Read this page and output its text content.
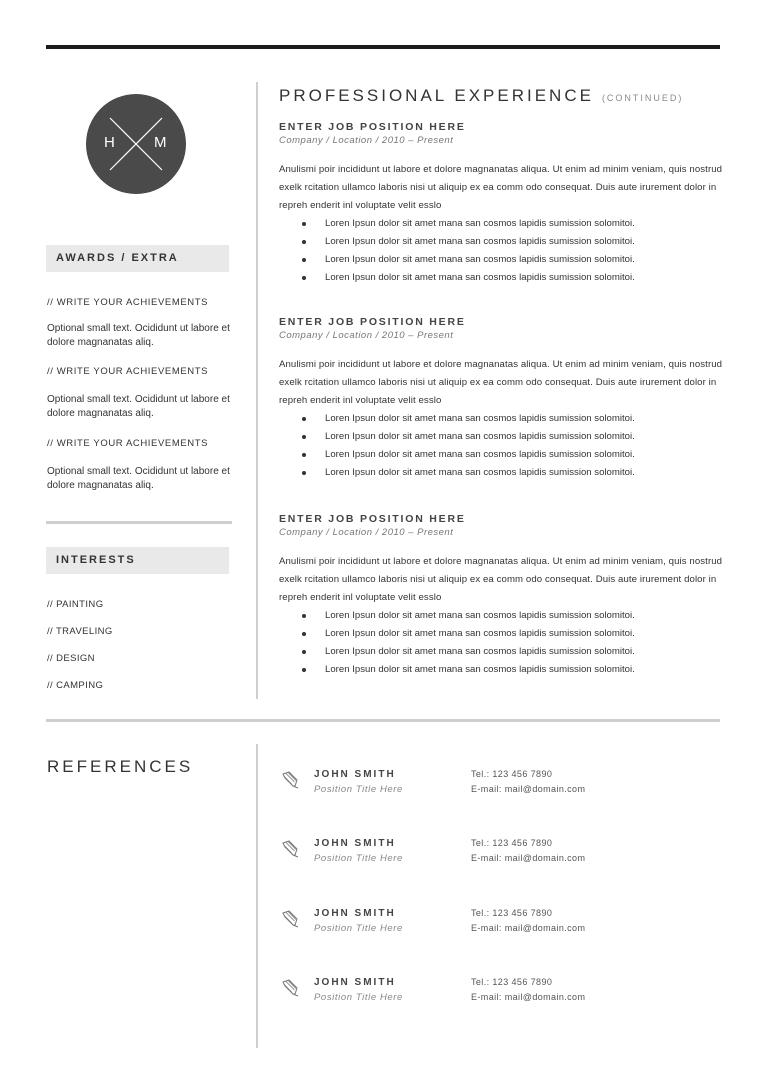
H	M
AWARDS / EXTRA
// WRITE YOUR ACHIEVEMENTS
Optional small text. Ocididunt ut labore et dolore magnanatas aliq.
// WRITE YOUR ACHIEVEMENTS
Optional small text. Ocididunt ut labore et dolore magnanatas aliq.
// WRITE YOUR ACHIEVEMENTS
Optional small text. Ocididunt ut labore et dolore magnanatas aliq.
INTERESTS
// PAINTING
// TRAVELING
// DESIGN
// CAMPING
PROFESSIONAL EXPERIENCE (CONTINUED)
ENTER JOB POSITION HERE
Company / Location / 2010 – Present
Anulismi poir incididunt ut labore et dolore magnanatas aliqua. Ut enim ad minim veniam, quis nostrud exelk rcitation ullamco laboris nisi ut aliquip ex ea comm odo consequat. Duis aute irurement dolor in repreh enderit inl voluptate velit esslo
Loren Ipsun dolor sit amet mana san cosmos lapidis sumission solomitoi.
Loren Ipsun dolor sit amet mana san cosmos lapidis sumission solomitoi.
Loren Ipsun dolor sit amet mana san cosmos lapidis sumission solomitoi.
Loren Ipsun dolor sit amet mana san cosmos lapidis sumission solomitoi.
ENTER JOB POSITION HERE
Company / Location / 2010 – Present
Anulismi poir incididunt ut labore et dolore magnanatas aliqua. Ut enim ad minim veniam, quis nostrud exelk rcitation ullamco laboris nisi ut aliquip ex ea comm odo consequat. Duis aute irurement dolor in repreh enderit inl voluptate velit esslo
Loren Ipsun dolor sit amet mana san cosmos lapidis sumission solomitoi.
Loren Ipsun dolor sit amet mana san cosmos lapidis sumission solomitoi.
Loren Ipsun dolor sit amet mana san cosmos lapidis sumission solomitoi.
Loren Ipsun dolor sit amet mana san cosmos lapidis sumission solomitoi.
ENTER JOB POSITION HERE
Company / Location / 2010 – Present
Anulismi poir incididunt ut labore et dolore magnanatas aliqua. Ut enim ad minim veniam, quis nostrud exelk rcitation ullamco laboris nisi ut aliquip ex ea comm odo consequat. Duis aute irurement dolor in repreh enderit inl voluptate velit esslo
Loren Ipsun dolor sit amet mana san cosmos lapidis sumission solomitoi.
Loren Ipsun dolor sit amet mana san cosmos lapidis sumission solomitoi.
Loren Ipsun dolor sit amet mana san cosmos lapidis sumission solomitoi.
Loren Ipsun dolor sit amet mana san cosmos lapidis sumission solomitoi.
REFERENCES	JOHN SMITH
Position Title Here
Tel.: 123 456 7890
E-mail: mail@domain.com
JOHN SMITH
Position Title Here
Tel.: 123 456 7890
E-mail: mail@domain.com
JOHN SMITH
Position Title Here
Tel.: 123 456 7890
E-mail: mail@domain.com
JOHN SMITH
Position Title Here
Tel.: 123 456 7890
E-mail: mail@domain.com
